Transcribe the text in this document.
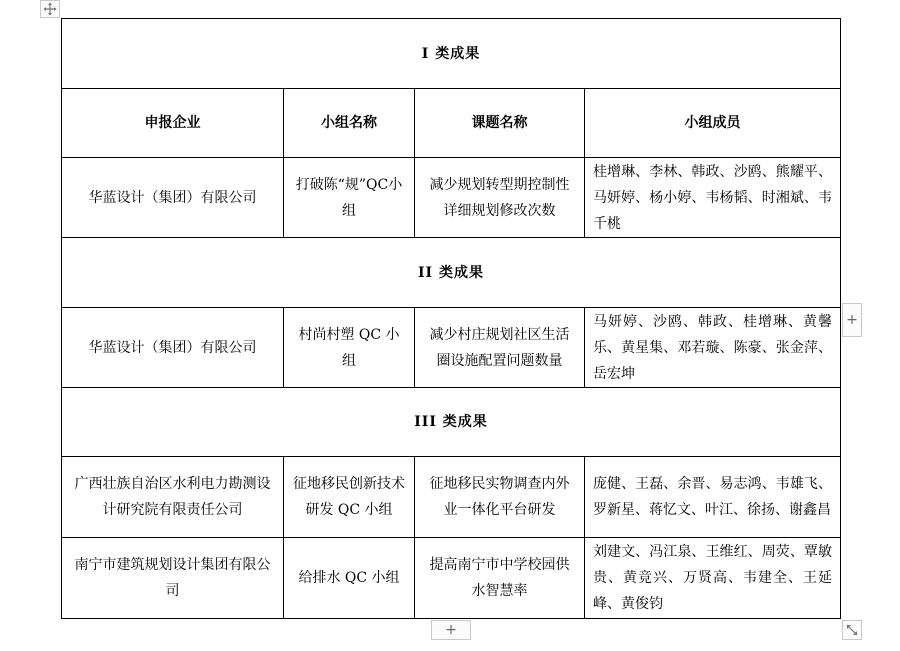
I 类成果			
申报企业	小组名称	课题名称	小组成员
华蓝设计（集团）有限公司	打破陈“规”QC小组	减少规划转型期控制性详细规划修改次数	桂增琳、李林、韩政、沙鸥、熊耀平、马妍婷、杨小婷、韦杨韬、时湘斌、韦千桃
II 类成果			
华蓝设计（集团）有限公司	村尚村塑 QC 小组	减少村庄规划社区生活圈设施配置问题数量	马妍婷、沙鸥、韩政、桂增琳、黄馨乐、黄星集、邓若璇、陈豪、张金萍、岳宏坤
III 类成果			
广西壮族自治区水利电力勘测设计研究院有限责任公司	征地移民创新技术研发 QC 小组	征地移民实物调查内外业一体化平台研发	庞健、王磊、余晋、易志鸿、韦雄飞、罗新星、蒋忆文、叶江、徐扬、谢鑫昌
南宁市建筑规划设计集团有限公司	给排水 QC 小组	提高南宁市中学校园供水智慧率	刘建文、冯江泉、王维红、周荧、覃敏贵、黄竞兴、万贤高、韦建全、王延峰、黄俊钧
+
+
